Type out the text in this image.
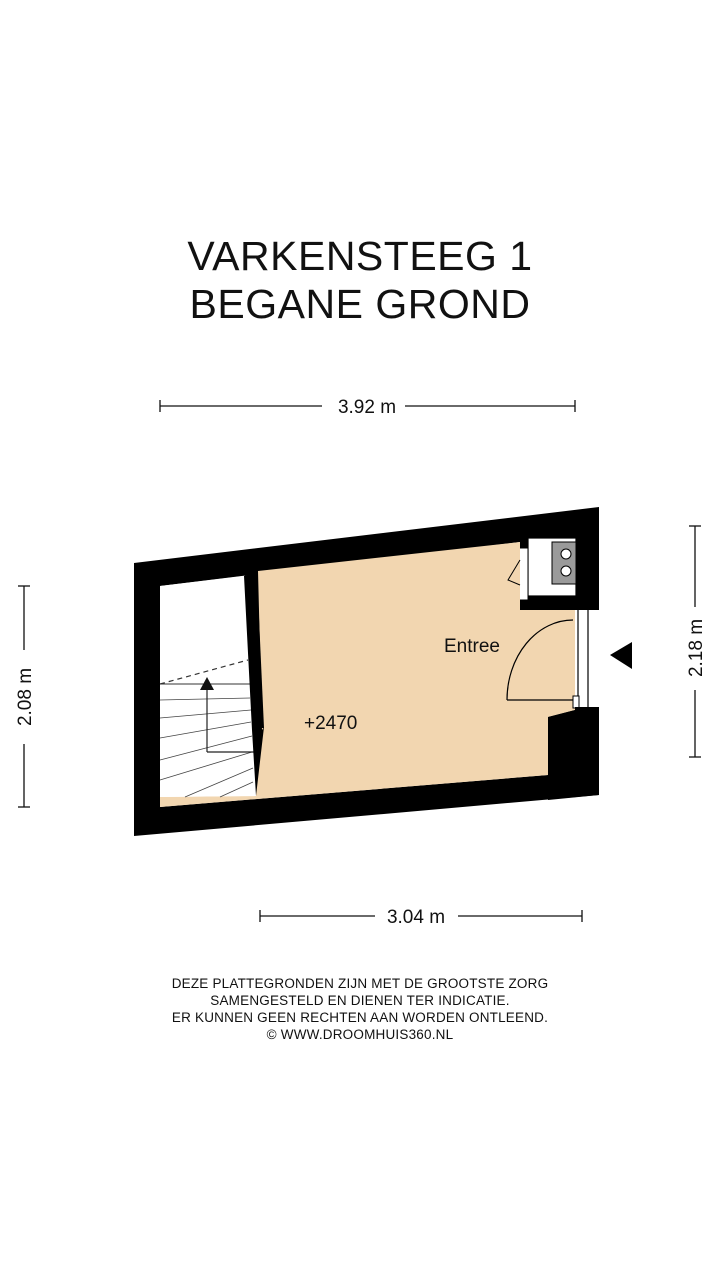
VARKENSTEEG 1
BEGANE GROND
3.92 m
3.04 m
2.08 m
2.18 m
Entree
+2470
DEZE PLATTEGRONDEN ZIJN MET DE GROOTSTE ZORG
SAMENGESTELD EN DIENEN TER INDICATIE.
ER KUNNEN GEEN RECHTEN AAN WORDEN ONTLEEND.
© WWW.DROOMHUIS360.NL
